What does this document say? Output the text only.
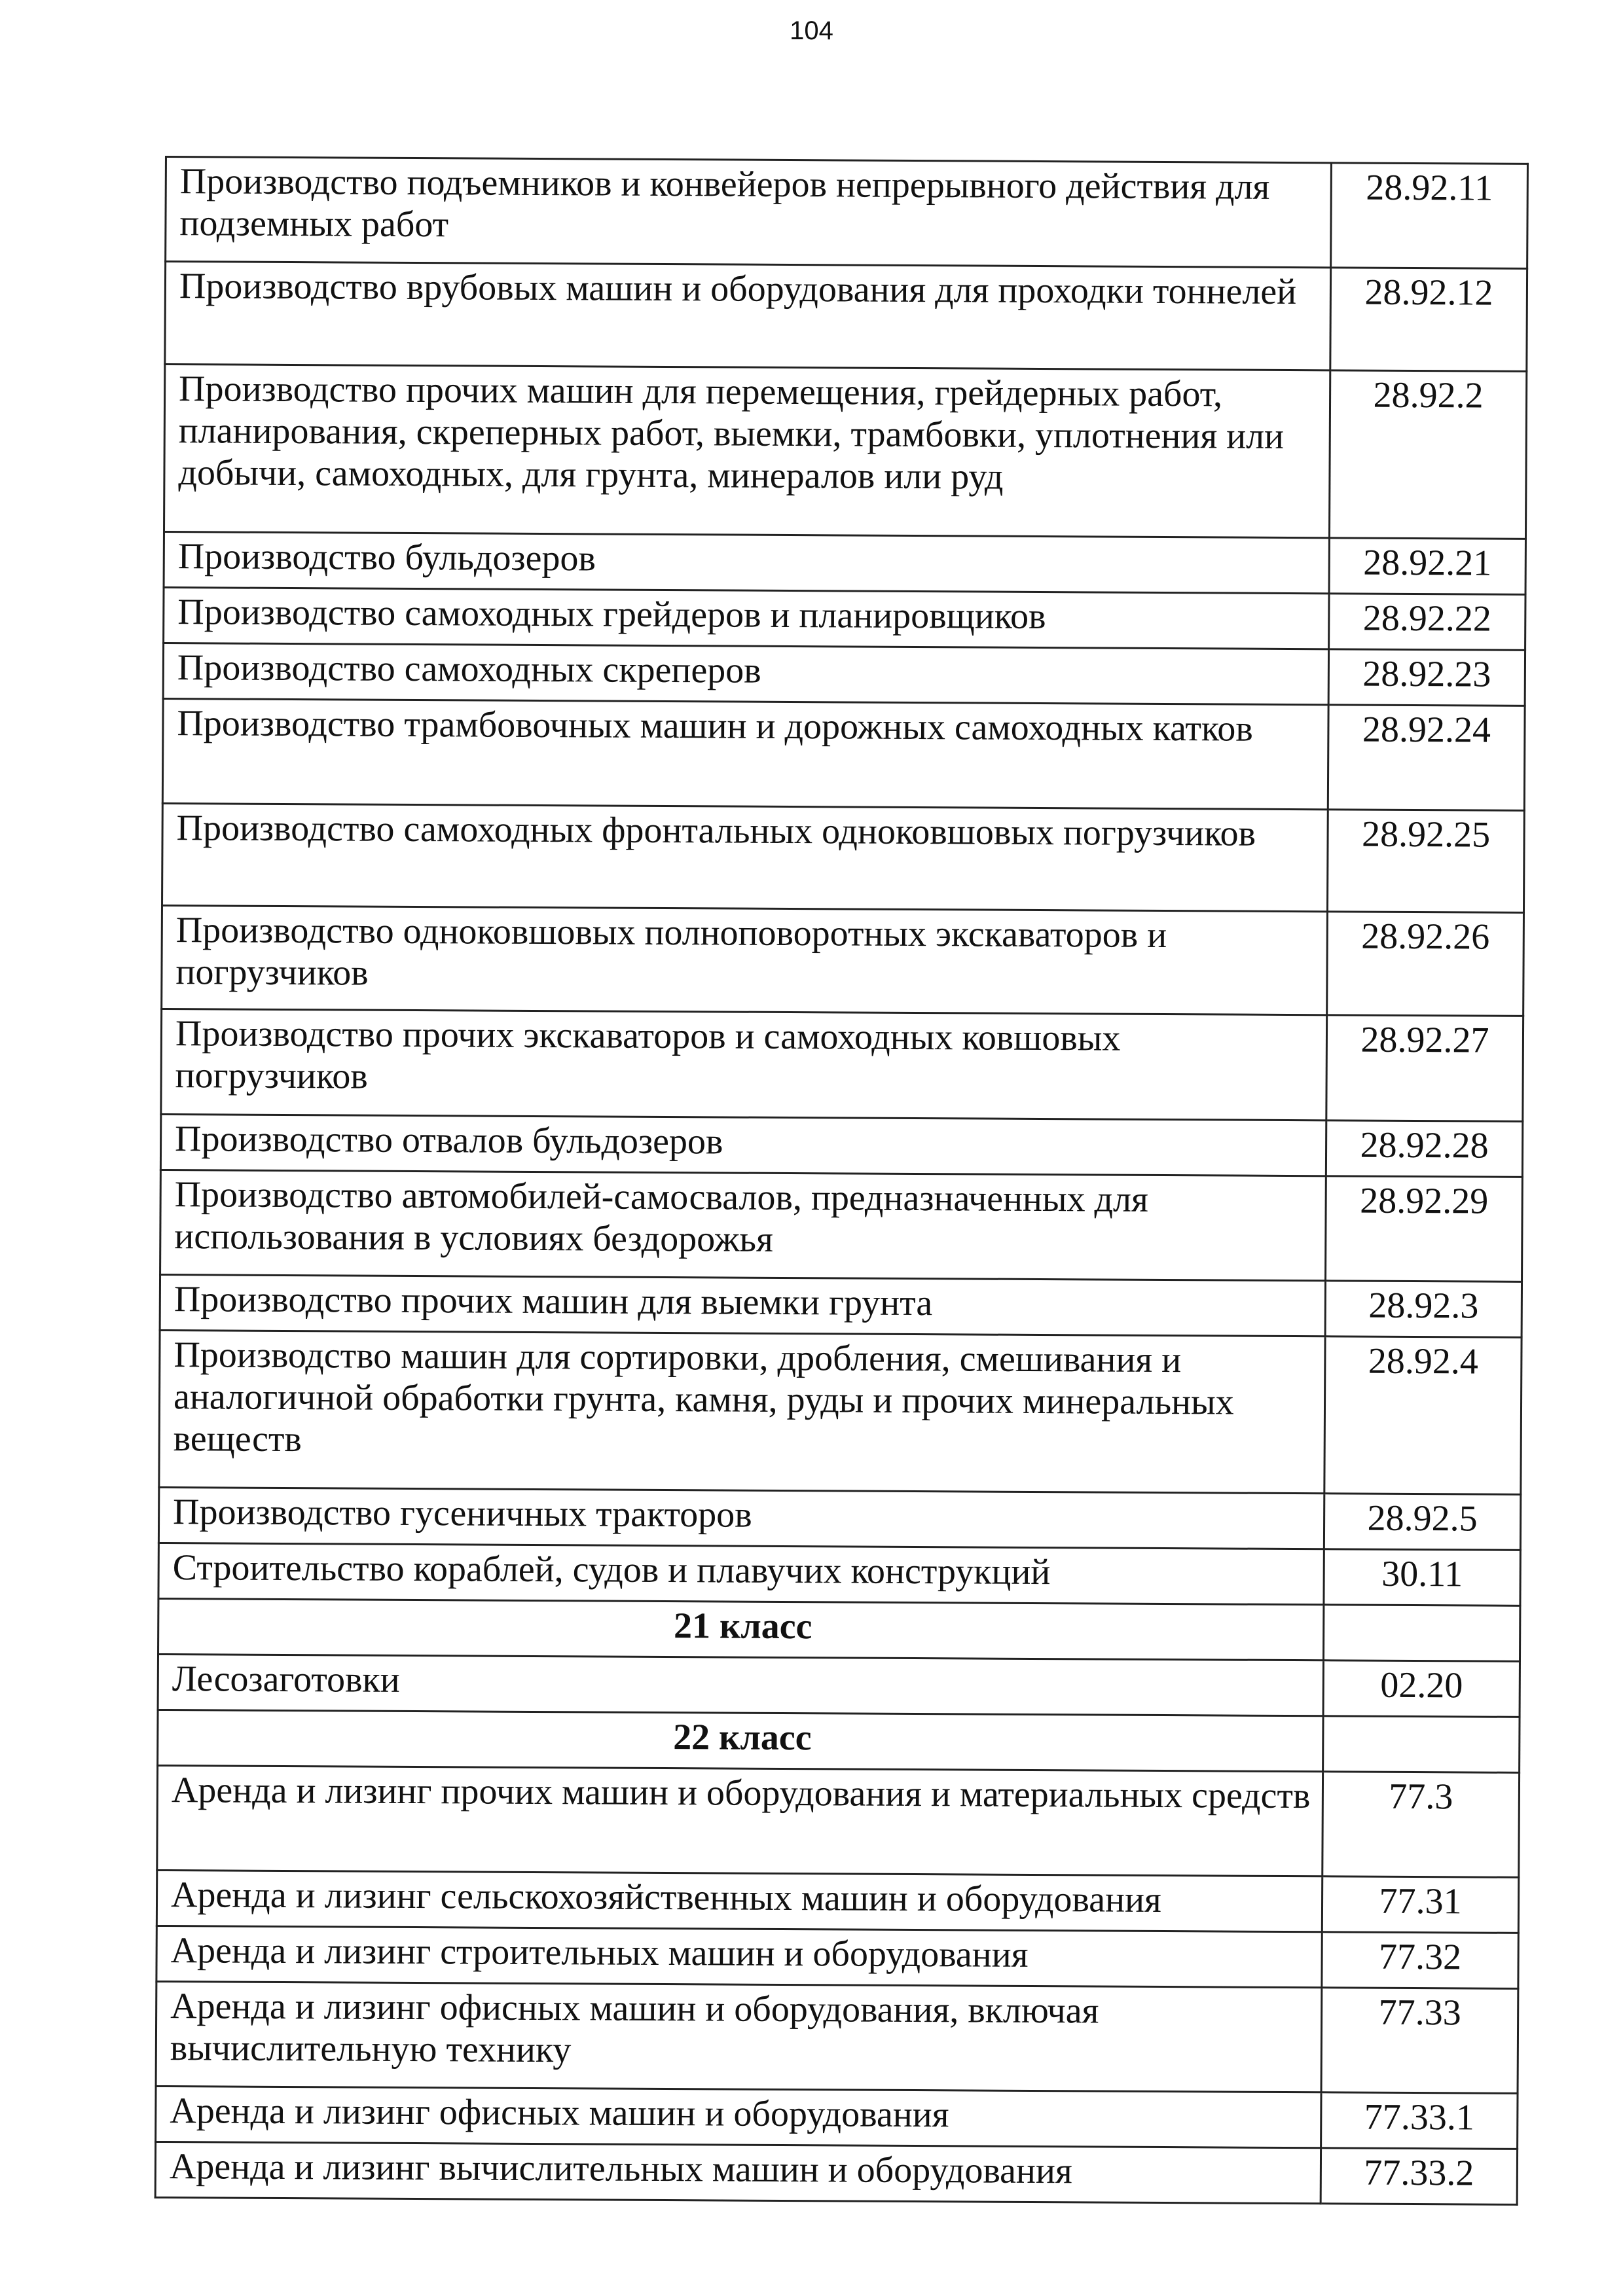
104
Производство подъемников и конвейеров непрерывного действия для подземных работ	28.92.11
Производство врубовых машин и оборудования для проходки тоннелей	28.92.12
Производство прочих машин для перемещения, грейдерных работ, планирования, скреперных работ, выемки, трамбовки, уплотнения или добычи, самоходных, для грунта, минералов или руд	28.92.2
Производство бульдозеров	28.92.21
Производство самоходных грейдеров и планировщиков	28.92.22
Производство самоходных скреперов	28.92.23
Производство трамбовочных машин и дорожных самоходных катков	28.92.24
Производство самоходных фронтальных одноковшовых погрузчиков	28.92.25
Производство одноковшовых полноповоротных экскаваторов и погрузчиков	28.92.26
Производство прочих экскаваторов и самоходных ковшовых погрузчиков	28.92.27
Производство отвалов бульдозеров	28.92.28
Производство автомобилей-самосвалов, предназначенных для использования в условиях бездорожья	28.92.29
Производство прочих машин для выемки грунта	28.92.3
Производство машин для сортировки, дробления, смешивания и аналогичной обработки грунта, камня, руды и прочих минеральных веществ	28.92.4
Производство гусеничных тракторов	28.92.5
Строительство кораблей, судов и плавучих конструкций	30.11
21 класс	
Лесозаготовки	02.20
22 класс	
Аренда и лизинг прочих машин и оборудования и материальных средств	77.3
Аренда и лизинг сельскохозяйственных машин и оборудования	77.31
Аренда и лизинг строительных машин и оборудования	77.32
Аренда и лизинг офисных машин и оборудования, включая вычислительную технику	77.33
Аренда и лизинг офисных машин и оборудования	77.33.1
Аренда и лизинг вычислительных машин и оборудования	77.33.2
